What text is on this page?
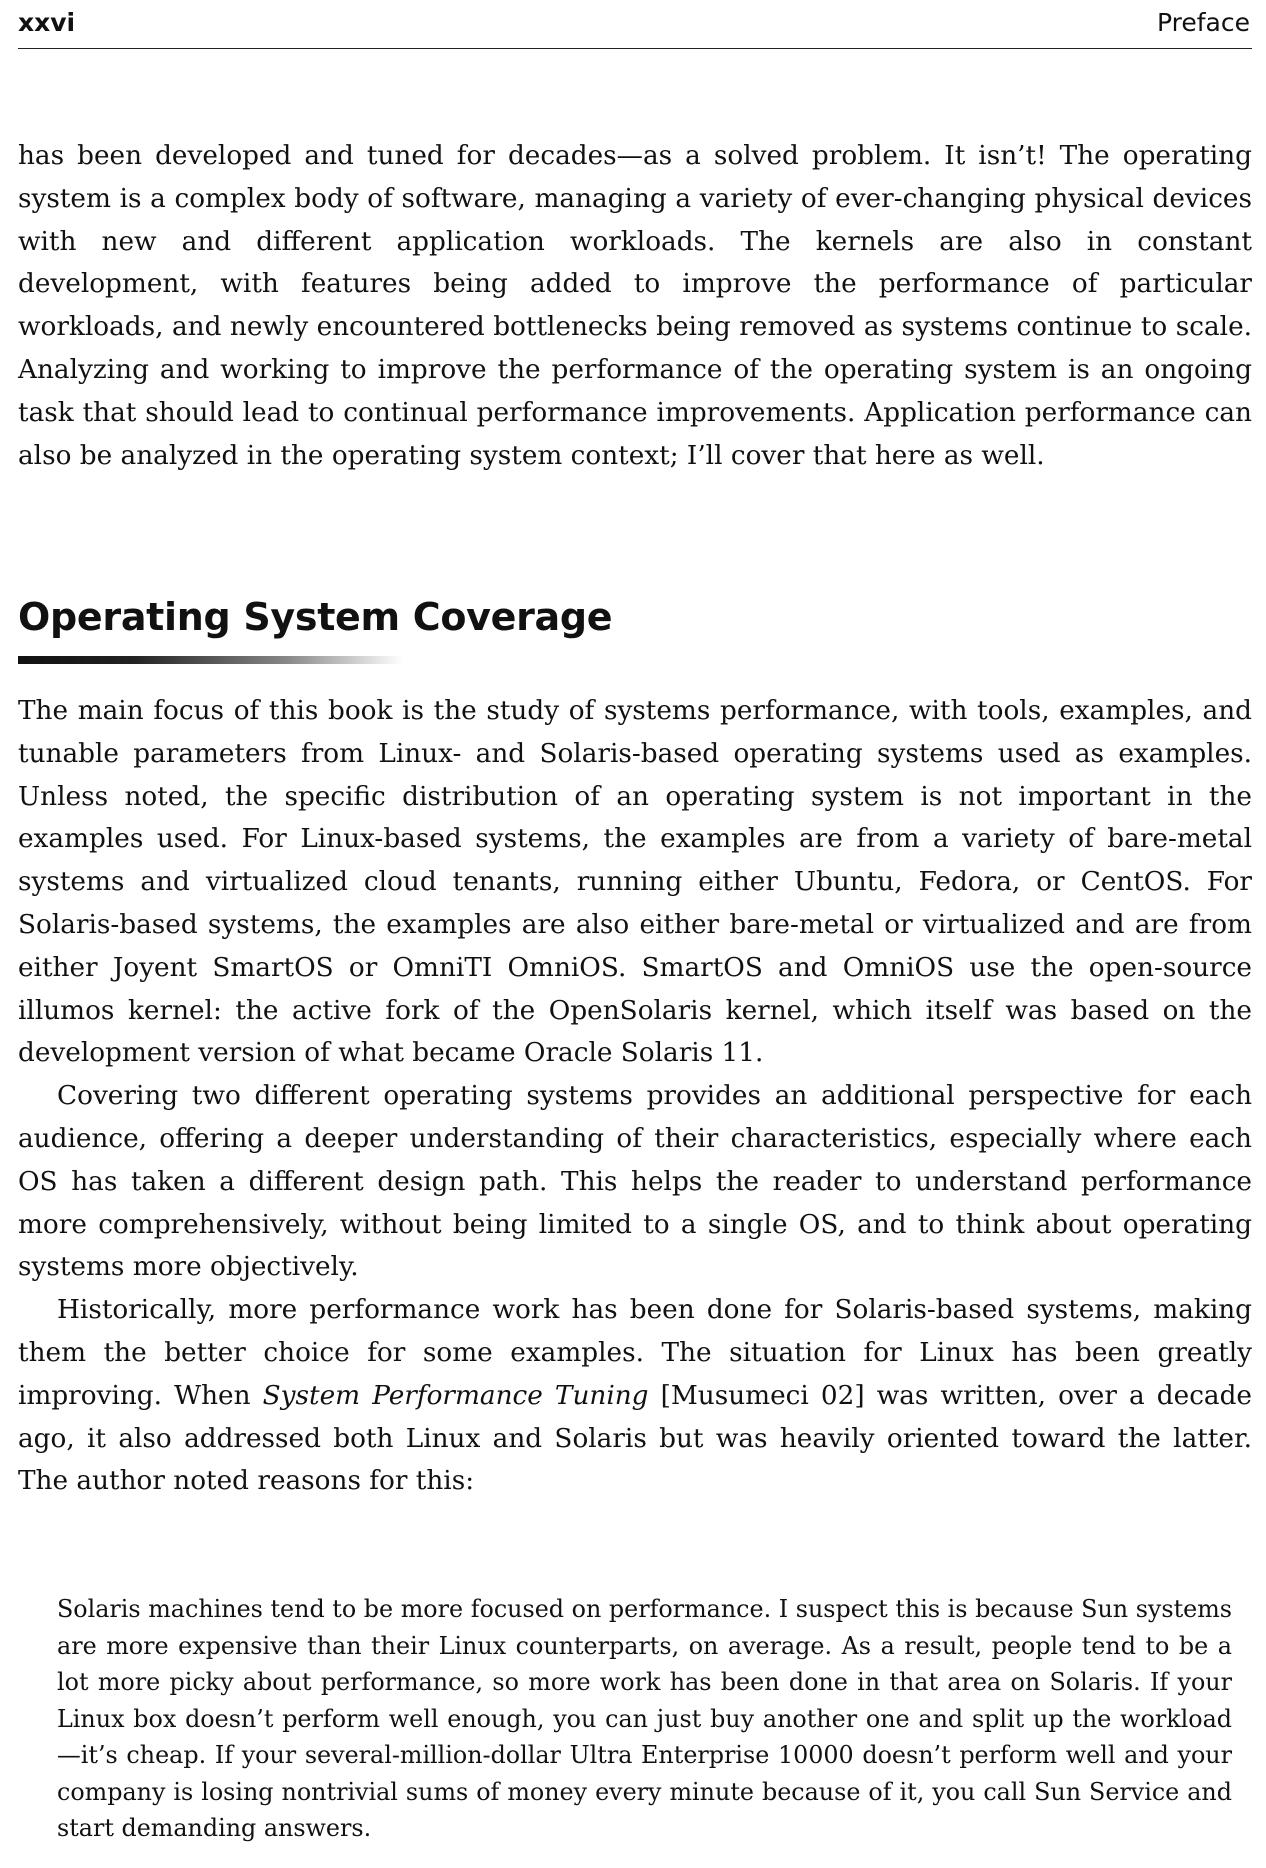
xxvi	Preface

has been developed and tuned for decades—as a solved problem. It isn’t! The operating system is a complex body of software, managing a variety of ever-changing physical devices with new and different application workloads. The kernels are also in constant development, with features being added to improve the performance of particular workloads, and newly encountered bottlenecks being removed as systems continue to scale. Analyzing and working to improve the performance of the operating system is an ongoing task that should lead to continual performance improvements. Application performance can also be analyzed in the operating system context; I’ll cover that here as well.

Operating System Coverage

The main focus of this book is the study of systems performance, with tools, examples, and tunable parameters from Linux- and Solaris-based operating systems used as examples. Unless noted, the specific distribution of an operating system is not important in the examples used. For Linux-based systems, the examples are from a variety of bare-metal systems and virtualized cloud tenants, running either Ubuntu, Fedora, or CentOS. For Solaris-based systems, the examples are also either bare-metal or virtualized and are from either Joyent SmartOS or OmniTI OmniOS. SmartOS and OmniOS use the open-source illumos kernel: the active fork of the OpenSolaris kernel, which itself was based on the development version of what became Oracle Solaris 11.

Covering two different operating systems provides an additional perspective for each audience, offering a deeper understanding of their characteristics, especially where each OS has taken a different design path. This helps the reader to understand performance more comprehensively, without being limited to a single OS, and to think about operating systems more objectively.

Historically, more performance work has been done for Solaris-based systems, making them the better choice for some examples. The situation for Linux has been greatly improving. When System Performance Tuning [Musumeci 02] was written, over a decade ago, it also addressed both Linux and Solaris but was heavily oriented toward the latter. The author noted reasons for this:

Solaris machines tend to be more focused on performance. I suspect this is because Sun systems are more expensive than their Linux counterparts, on average. As a result, people tend to be a lot more picky about performance, so more work has been done in that area on Solaris. If your Linux box doesn’t perform well enough, you can just buy another one and split up the workload—it’s cheap. If your several-million-dollar Ultra Enterprise 10000 doesn’t perform well and your company is losing nontrivial sums of money every minute because of it, you call Sun Service and start demanding answers.
